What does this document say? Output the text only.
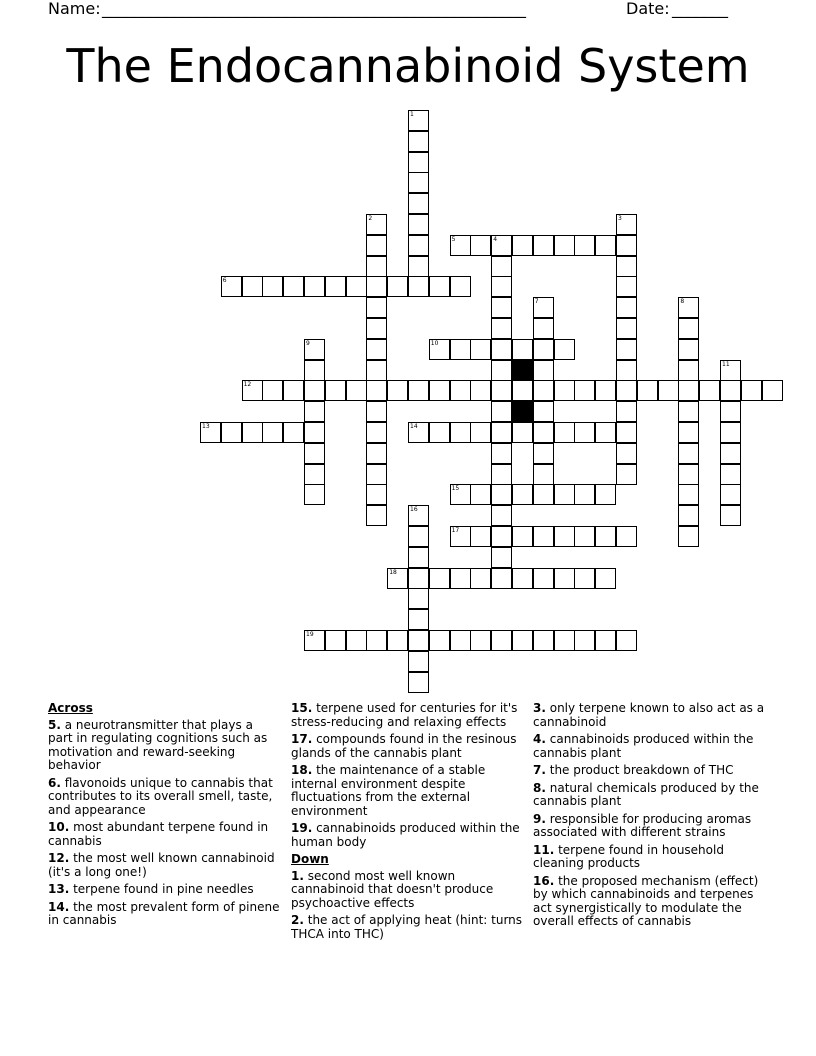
Name: _____________________________________________________	Date: _______
The Endocannabinoid System
5	4
6
10
12
13	14
15
17
18
19
1
2	3
7	8
9
11
16
Across
5. a neurotransmitter that plays a part in regulating cognitions such as motivation and reward-seeking behavior
6. flavonoids unique to cannabis that contributes to its overall smell, taste, and appearance
10. most abundant terpene found in cannabis
12. the most well known cannabinoid (it's a long one!)
13. terpene found in pine needles
14. the most prevalent form of pinene in cannabis
15. terpene used for centuries for it's stress-reducing and relaxing effects
17. compounds found in the resinous glands of the cannabis plant
18. the maintenance of a stable internal environment despite fluctuations from the external environment
19. cannabinoids produced within the human body
Down
1. second most well known cannabinoid that doesn't produce psychoactive effects
2. the act of applying heat (hint: turns THCA into THC)
3. only terpene known to also act as a cannabinoid
4. cannabinoids produced within the cannabis plant
7. the product breakdown of THC
8. natural chemicals produced by the cannabis plant
9. responsible for producing aromas associated with different strains
11. terpene found in household cleaning products
16. the proposed mechanism (effect) by which cannabinoids and terpenes act synergistically to modulate the overall effects of cannabis
